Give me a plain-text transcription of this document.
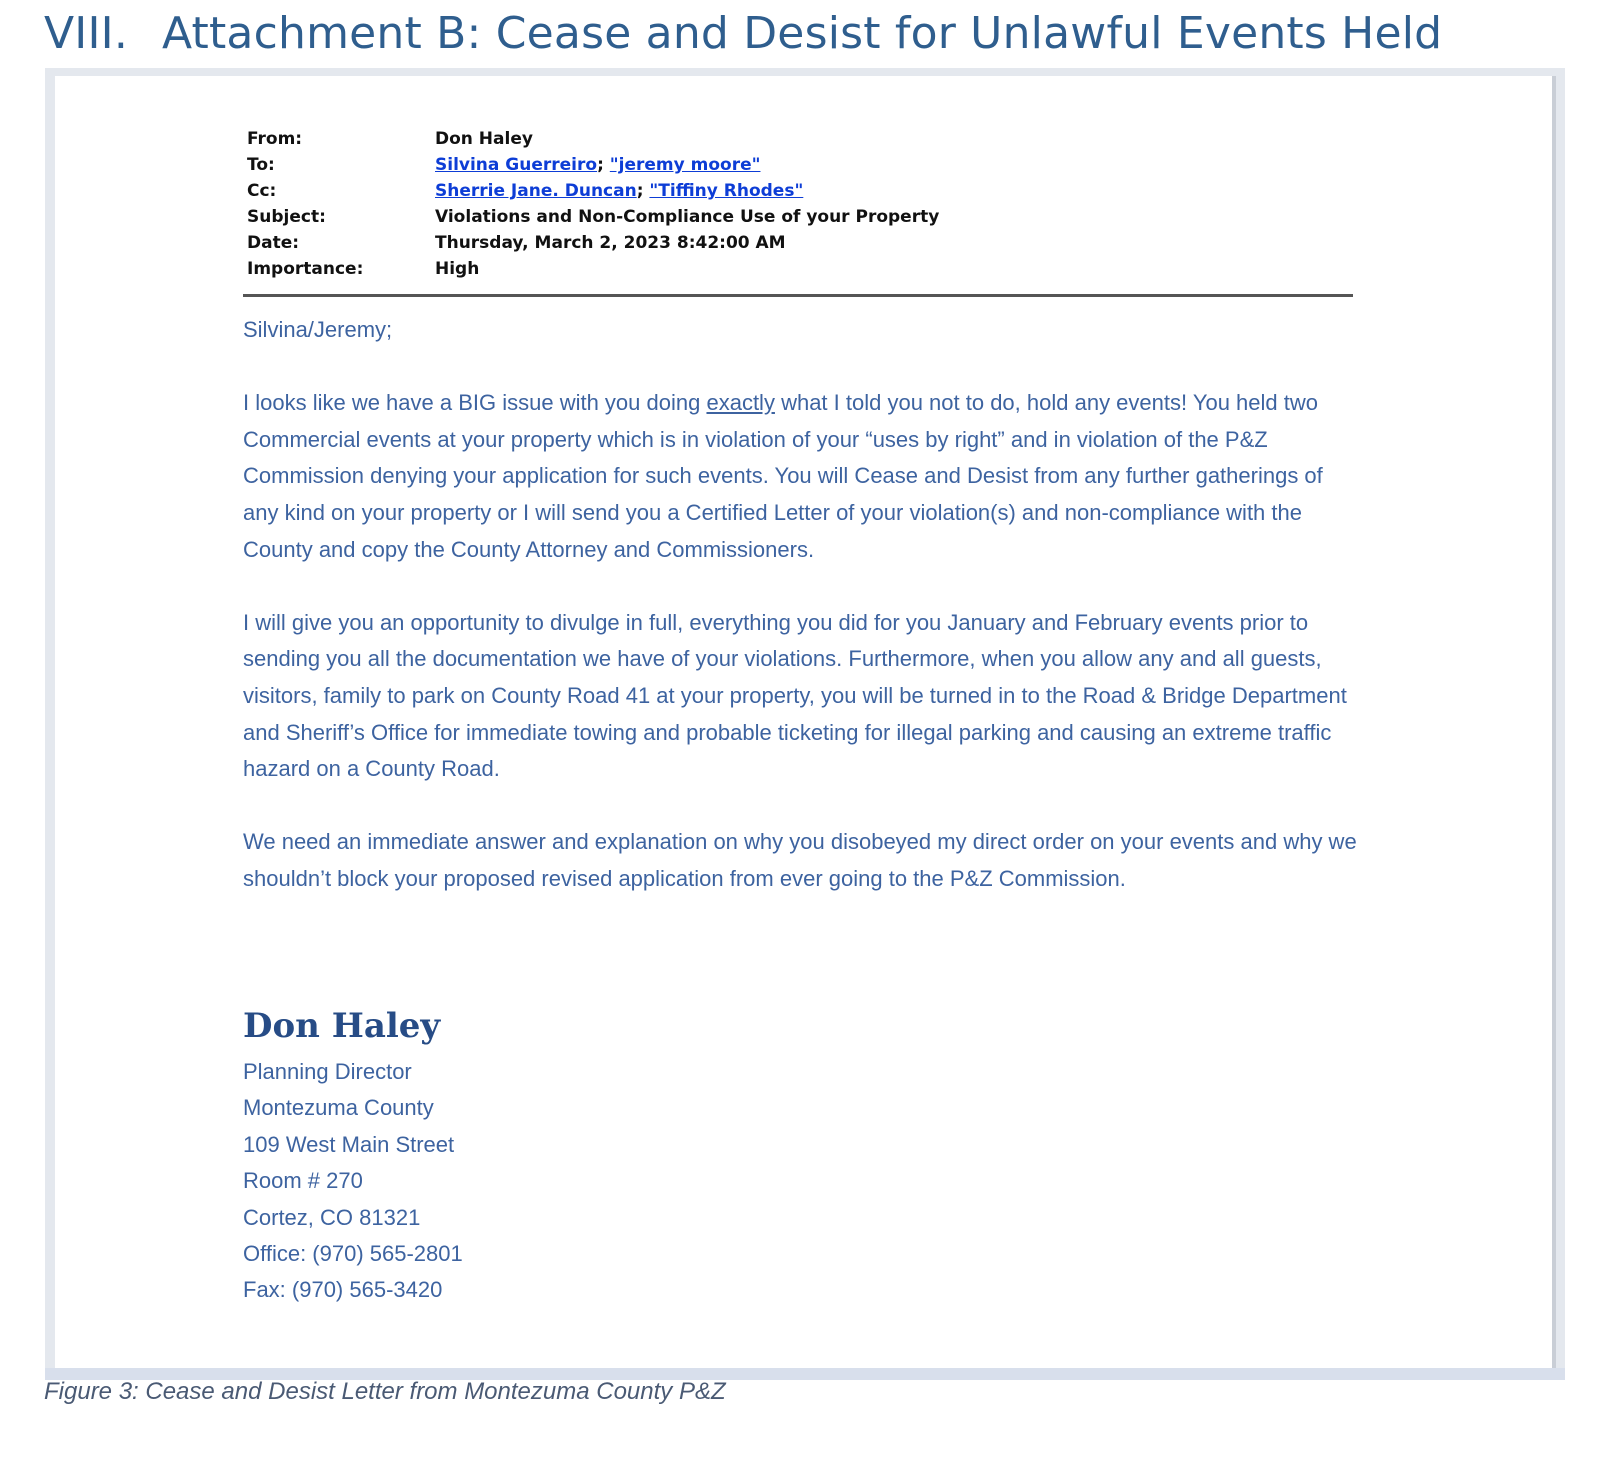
VIII. Attachment B: Cease and Desist for Unlawful Events Held
From:	Don Haley
To:	Silvina Guerreiro; "jeremy moore"
Cc:	Sherrie Jane. Duncan; "Tiffiny Rhodes"
Subject:	Violations and Non-Compliance Use of your Property
Date:	Thursday, March 2, 2023 8:42:00 AM
Importance:	High

Silvina/Jeremy;

I looks like we have a BIG issue with you doing exactly what I told you not to do, hold any events! You held two Commercial events at your property which is in violation of your “uses by right” and in violation of the P&Z Commission denying your application for such events. You will Cease and Desist from any further gatherings of any kind on your property or I will send you a Certified Letter of your violation(s) and non-compliance with the County and copy the County Attorney and Commissioners.

I will give you an opportunity to divulge in full, everything you did for you January and February events prior to sending you all the documentation we have of your violations. Furthermore, when you allow any and all guests, visitors, family to park on County Road 41 at your property, you will be turned in to the Road & Bridge Department and Sheriff’s Office for immediate towing and probable ticketing for illegal parking and causing an extreme traffic hazard on a County Road.

We need an immediate answer and explanation on why you disobeyed my direct order on your events and why we shouldn’t block your proposed revised application from ever going to the P&Z Commission.

Don Haley
Planning Director
Montezuma County
109 West Main Street
Room # 270
Cortez, CO 81321
Office: (970) 565-2801
Fax: (970) 565-3420
Figure 3: Cease and Desist Letter from Montezuma County P&Z
